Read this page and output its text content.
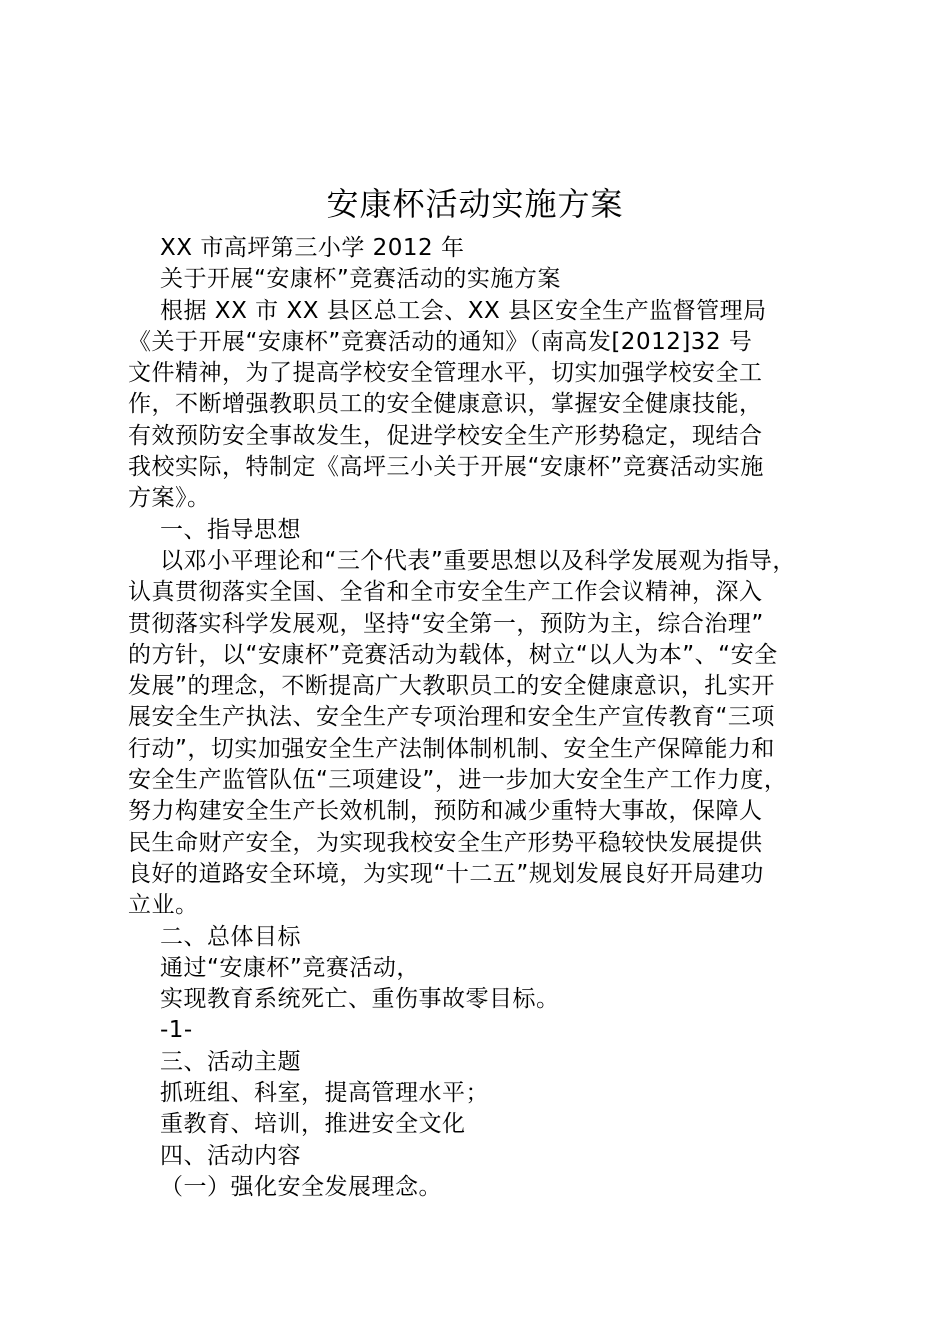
安康杯活动实施方案
XX 市高坪第三小学 2012 年
关于开展“安康杯”竞赛活动的实施方案
根据 XX 市 XX 县区总工会、XX 县区安全生产监督管理局
《关于开展“安康杯”竞赛活动的通知》（南高发[2012]32 号
文件精神，为了提高学校安全管理水平，切实加强学校安全工
作，不断增强教职员工的安全健康意识，掌握安全健康技能，
有效预防安全事故发生，促进学校安全生产形势稳定，现结合
我校实际，特制定《高坪三小关于开展“安康杯”竞赛活动实施
方案》。
一、指导思想
以邓小平理论和“三个代表”重要思想以及科学发展观为指导，
认真贯彻落实全国、全省和全市安全生产工作会议精神，深入
贯彻落实科学发展观，坚持“安全第一，预防为主，综合治理”
的方针，以“安康杯”竞赛活动为载体，树立“以人为本”、“安全
发展”的理念，不断提高广大教职员工的安全健康意识，扎实开
展安全生产执法、安全生产专项治理和安全生产宣传教育“三项
行动”，切实加强安全生产法制体制机制、安全生产保障能力和
安全生产监管队伍“三项建设”，进一步加大安全生产工作力度，
努力构建安全生产长效机制，预防和减少重特大事故，保障人
民生命财产安全，为实现我校安全生产形势平稳较快发展提供
良好的道路安全环境，为实现“十二五”规划发展良好开局建功
立业。
二、总体目标
通过“安康杯”竞赛活动，
实现教育系统死亡、重伤事故零目标。
-1-
三、活动主题
抓班组、科室，提高管理水平；
重教育、培训，推进安全文化
四、活动内容
（一）强化安全发展理念。
